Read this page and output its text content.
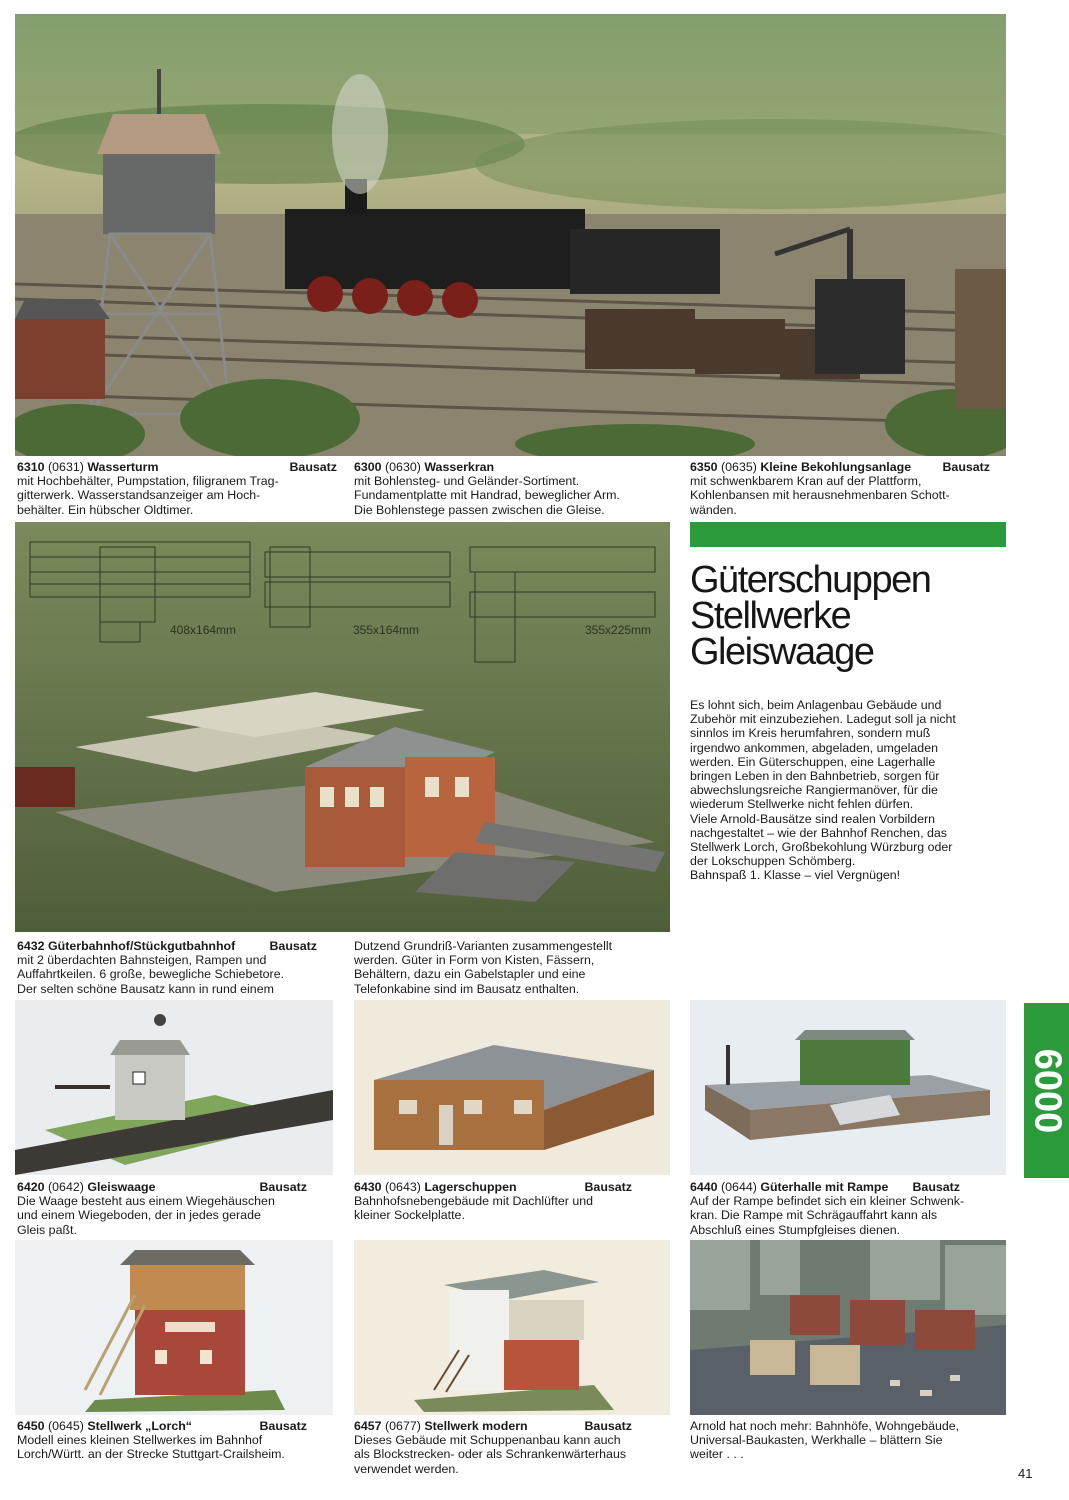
6310 (0631) Wasserturm	Bausatz
mit Hochbehälter, Pumpstation, filigranem Trag-
gitterwerk. Wasserstandsanzeiger am Hoch-
behälter. Ein hübscher Oldtimer.
6300 (0630) Wasserkran
mit Bohlensteg- und Geländer-Sortiment.
Fundamentplatte mit Handrad, beweglicher Arm.
Die Bohlenstege passen zwischen die Gleise.
6350 (0635) Kleine Bekohlungsanlage	Bausatz
mit schwenkbarem Kran auf der Plattform,
Kohlenbansen mit herausnehmenbaren Schott-
wänden.
408x164mm	355x164mm	355x225mm
Güterschuppen
Stellwerke
Gleiswaage
Es lohnt sich, beim Anlagenbau Gebäude und
Zubehör mit einzubeziehen. Ladegut soll ja nicht
sinnlos im Kreis herumfahren, sondern muß
irgendwo ankommen, abgeladen, umgeladen
werden. Ein Güterschuppen, eine Lagerhalle
bringen Leben in den Bahnbetrieb, sorgen für
abwechslungsreiche Rangiermanöver, für die
wiederum Stellwerke nicht fehlen dürfen.
Viele Arnold-Bausätze sind realen Vorbildern
nachgestaltet – wie der Bahnhof Renchen, das
Stellwerk Lorch, Großbekohlung Würzburg oder
der Lokschuppen Schömberg.
Bahnspaß 1. Klasse – viel Vergnügen!
6432 Güterbahnhof/Stückgutbahnhof	Bausatz
mit 2 überdachten Bahnsteigen, Rampen und
Auffahrtkeilen. 6 große, bewegliche Schiebetore.
Der selten schöne Bausatz kann in rund einem
Dutzend Grundriß-Varianten zusammengestellt
werden. Güter in Form von Kisten, Fässern,
Behältern, dazu ein Gabelstapler und eine
Telefonkabine sind im Bausatz enthalten.
6420 (0642) Gleiswaage	Bausatz
Die Waage besteht aus einem Wiegehäuschen
und einem Wiegeboden, der in jedes gerade
Gleis paßt.
6430 (0643) Lagerschuppen	Bausatz
Bahnhofsnebengebäude mit Dachlüfter und
kleiner Sockelplatte.
6440 (0644) Güterhalle mit Rampe Bausatz
Auf der Rampe befindet sich ein kleiner Schwenk-
kran. Die Rampe mit Schrägauffahrt kann als
Abschluß eines Stumpfgleises dienen.
6000
6450 (0645) Stellwerk „Lorch“	Bausatz
Modell eines kleinen Stellwerkes im Bahnhof
Lorch/Württ. an der Strecke Stuttgart-Crailsheim.
6457 (0677) Stellwerk modern	Bausatz
Dieses Gebäude mit Schuppenanbau kann auch
als Blockstrecken- oder als Schrankenwärterhaus
verwendet werden.
Arnold hat noch mehr: Bahnhöfe, Wohngebäude,
Universal-Baukasten, Werkhalle – blättern Sie
weiter . . .
41
